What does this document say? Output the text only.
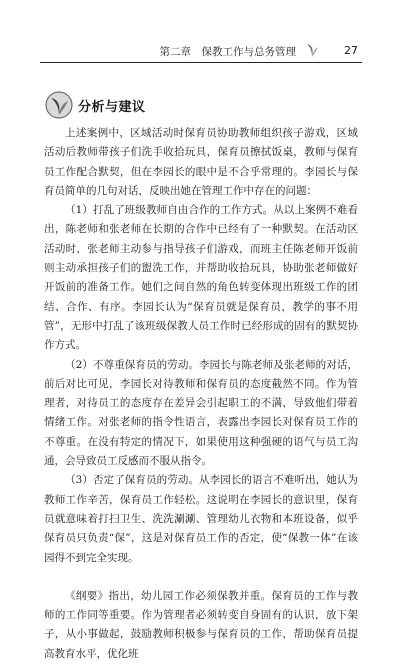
第二章　保教工作与总务管理	27
分析与建议

上述案例中，区域活动时保育员协助教师组织孩子游戏，区域活动后教师带孩子们洗手收拾玩具，保育员擦拭饭桌，教师与保育员工作配合默契，但在李园长的眼中是不合乎常理的。李园长与保育员简单的几句对话，反映出她在管理工作中存在的问题：

（1）打乱了班级教师自由合作的工作方式。从以上案例不难看出，陈老师和张老师在长期的合作中已经有了一种默契。在活动区活动时，张老师主动参与指导孩子们游戏，而班主任陈老师开饭前则主动承担孩子们的盥洗工作，并帮助收拾玩具，协助张老师做好开饭前的准备工作。她们之间自然的角色转变体现出班级工作的团结、合作、有序。李园长认为“保育员就是保育员，教学的事不用管”，无形中打乱了该班级保教人员工作时已经形成的固有的默契协作方式。

（2）不尊重保育员的劳动。李园长与陈老师及张老师的对话，前后对比可见，李园长对待教师和保育员的态度截然不同。作为管理者，对待员工的态度存在差异会引起职工的不满，导致他们带着情绪工作。对张老师的指令性语言，表露出李园长对保育员工作的不尊重。在没有特定的情况下，如果使用这种强硬的语气与员工沟通，会导致员工反感而不服从指令。

（3）否定了保育员的劳动。从李园长的语言不难听出，她认为教师工作辛苦，保育员工作轻松。这说明在李园长的意识里，保育员就意味着打扫卫生、洗洗涮涮、管理幼儿衣物和本班设备，似乎保育员只负责“保”，这是对保育员工作的否定，使“保教一体”在该园得不到完全实现。

《纲要》指出，幼儿园工作必须保教并重。保育员的工作与教师的工作同等重要。作为管理者必须转变自身固有的认识，放下架子，从小事做起，鼓励教师积极参与保育员的工作，帮助保育员提高教育水平，优化班
